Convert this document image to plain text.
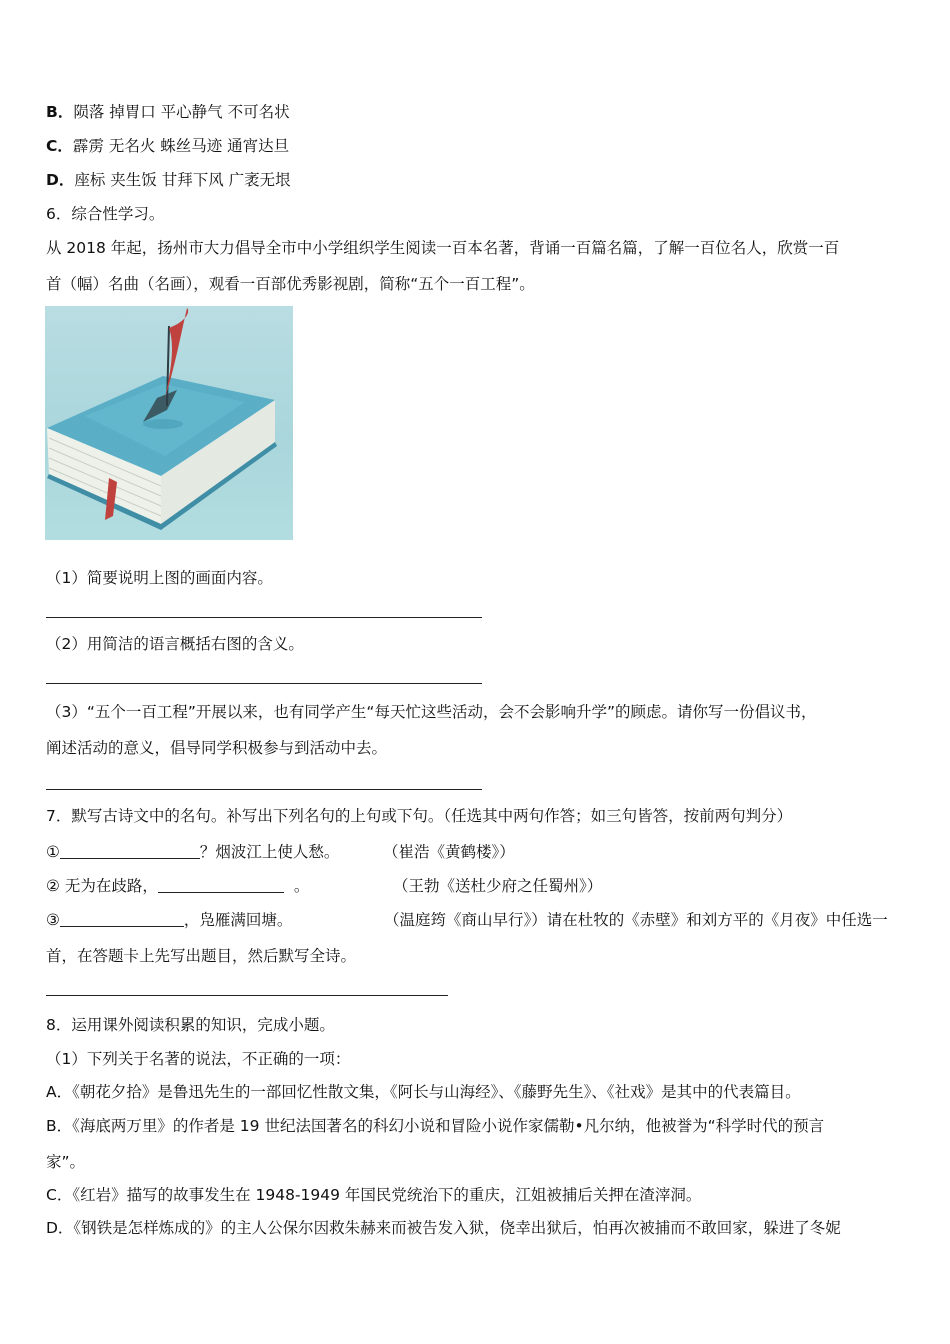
B．陨落 掉胃口 平心静气 不可名状
C．霹雳 无名火 蛛丝马迹 通宵达旦
D．座标 夹生饭 甘拜下风 广袤无垠
6．综合性学习。
从 2018 年起，扬州市大力倡导全市中小学组织学生阅读一百本名著，背诵一百篇名篇，了解一百位名人，欣赏一百
首（幅）名曲（名画），观看一百部优秀影视剧，简称“五个一百工程”。
（1）简要说明上图的画面内容。
（2）用简洁的语言概括右图的含义。
（3）“五个一百工程”开展以来，也有同学产生“每天忙这些活动，会不会影响升学”的顾虑。请你写一份倡议书，
阐述活动的意义，倡导同学积极参与到活动中去。
7．默写古诗文中的名句。补写出下列名句的上句或下句。（任选其中两句作答；如三句皆答，按前两句判分）
①	？烟波江上使人愁。	（崔浩《黄鹤楼》）
② 无为在歧路，	。	（王勃《送杜少府之任蜀州》）
③	，凫雁满回塘。	（温庭筠《商山早行》）请在杜牧的《赤壁》和刘方平的《月夜》中任选一
首，在答题卡上先写出题目，然后默写全诗。
8．运用课外阅读积累的知识，完成小题。
（1）下列关于名著的说法，不正确的一项：
A．《朝花夕拾》是鲁迅先生的一部回忆性散文集，《阿长与山海经》、《藤野先生》、《社戏》是其中的代表篇目。
B．《海底两万里》的作者是 19 世纪法国著名的科幻小说和冒险小说作家儒勒•凡尔纳，他被誉为“科学时代的预言
家”。
C．《红岩》描写的故事发生在 1948-1949 年国民党统治下的重庆，江姐被捕后关押在渣滓洞。
D．《钢铁是怎样炼成的》的主人公保尔因救朱赫来而被告发入狱，侥幸出狱后，怕再次被捕而不敢回家，躲进了冬妮
